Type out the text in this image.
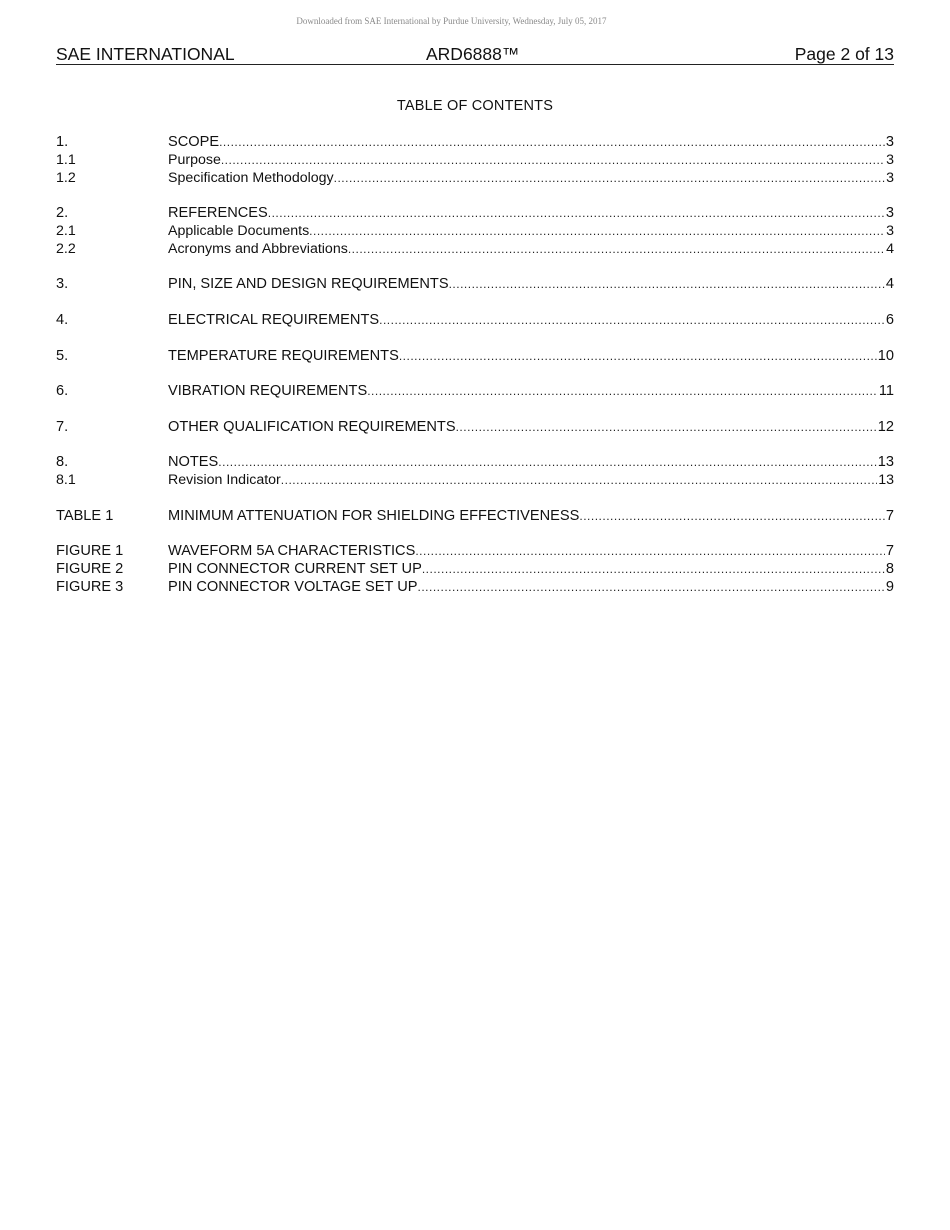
Downloaded from SAE International by Purdue University, Wednesday, July 05, 2017
SAE INTERNATIONAL	ARD6888™	Page 2 of 13
TABLE OF CONTENTS
1.	SCOPE .....	3
1.1	Purpose .....	3
1.2	Specification Methodology .....	3
2.	REFERENCES .....	3
2.1	Applicable Documents .....	3
2.2	Acronyms and Abbreviations .....	4
3.	PIN, SIZE AND DESIGN REQUIREMENTS .....	4
4.	ELECTRICAL REQUIREMENTS .....	6
5.	TEMPERATURE REQUIREMENTS .....	10
6.	VIBRATION REQUIREMENTS .....	11
7.	OTHER QUALIFICATION REQUIREMENTS .....	12
8.	NOTES .....	13
8.1	Revision Indicator .....	13
TABLE 1	MINIMUM ATTENUATION FOR SHIELDING EFFECTIVENESS .....	7
FIGURE 1	WAVEFORM 5A CHARACTERISTICS .....	7
FIGURE 2	PIN CONNECTOR CURRENT SET UP .....	8
FIGURE 3	PIN CONNECTOR VOLTAGE SET UP .....	9
